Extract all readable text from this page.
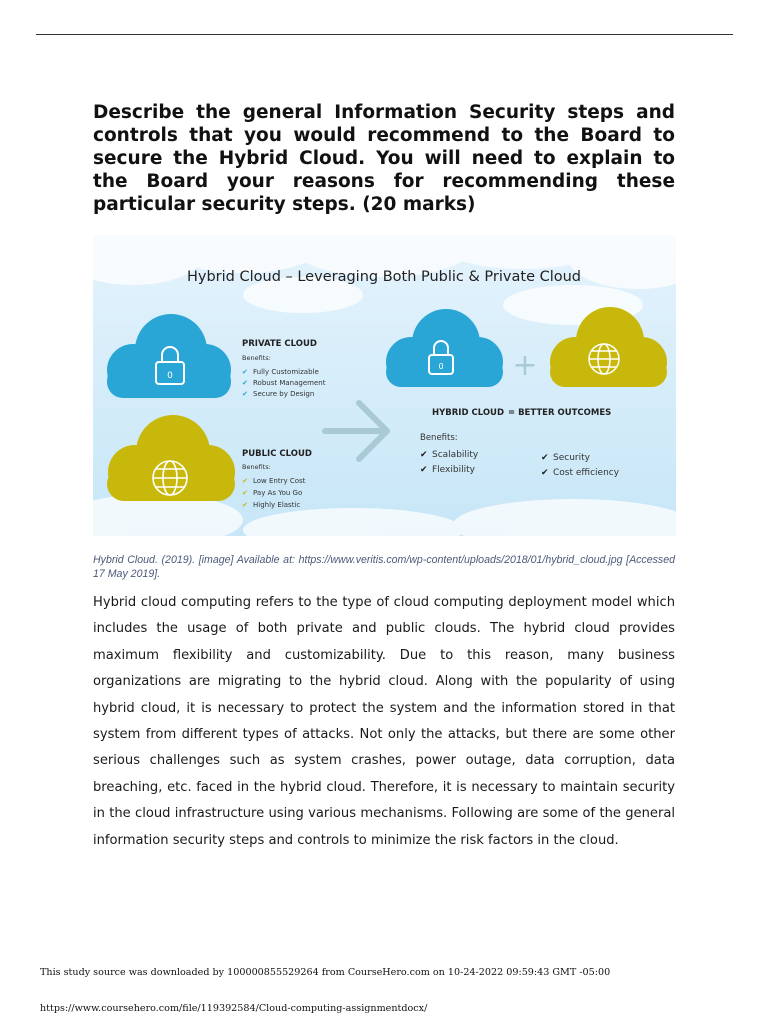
Describe the general Information Security steps and controls that you would recommend to the Board to secure the Hybrid Cloud. You will need to explain to the Board your reasons for recommending these particular security steps. (20 marks)

Hybrid Cloud – Leveraging Both Public & Private Cloud
0
PRIVATE CLOUD
Benefits:
✔ Fully Customizable
✔ Robust Management
✔ Secure by Design
PUBLIC CLOUD
Benefits:
✔ Low Entry Cost
✔ Pay As You Go
✔ Highly Elastic
0 +
HYBRID CLOUD = BETTER OUTCOMES
Benefits:
✔ Scalability
✔ Flexibility
✔ Security
✔ Cost efficiency

Hybrid Cloud. (2019). [image] Available at: https://www.veritis.com/wp-content/uploads/2018/01/hybrid_cloud.jpg [Accessed 17 May 2019].

Hybrid cloud computing refers to the type of cloud computing deployment model which includes the usage of both private and public clouds. The hybrid cloud provides maximum flexibility and customizability. Due to this reason, many business organizations are migrating to the hybrid cloud. Along with the popularity of using hybrid cloud, it is necessary to protect the system and the information stored in that system from different types of attacks. Not only the attacks, but there are some other serious challenges such as system crashes, power outage, data corruption, data breaching, etc. faced in the hybrid cloud. Therefore, it is necessary to maintain security in the cloud infrastructure using various mechanisms. Following are some of the general information security steps and controls to minimize the risk factors in the cloud.

This study source was downloaded by 100000855529264 from CourseHero.com on 10-24-2022 09:59:43 GMT -05:00
https://www.coursehero.com/file/119392584/Cloud-computing-assignmentdocx/
